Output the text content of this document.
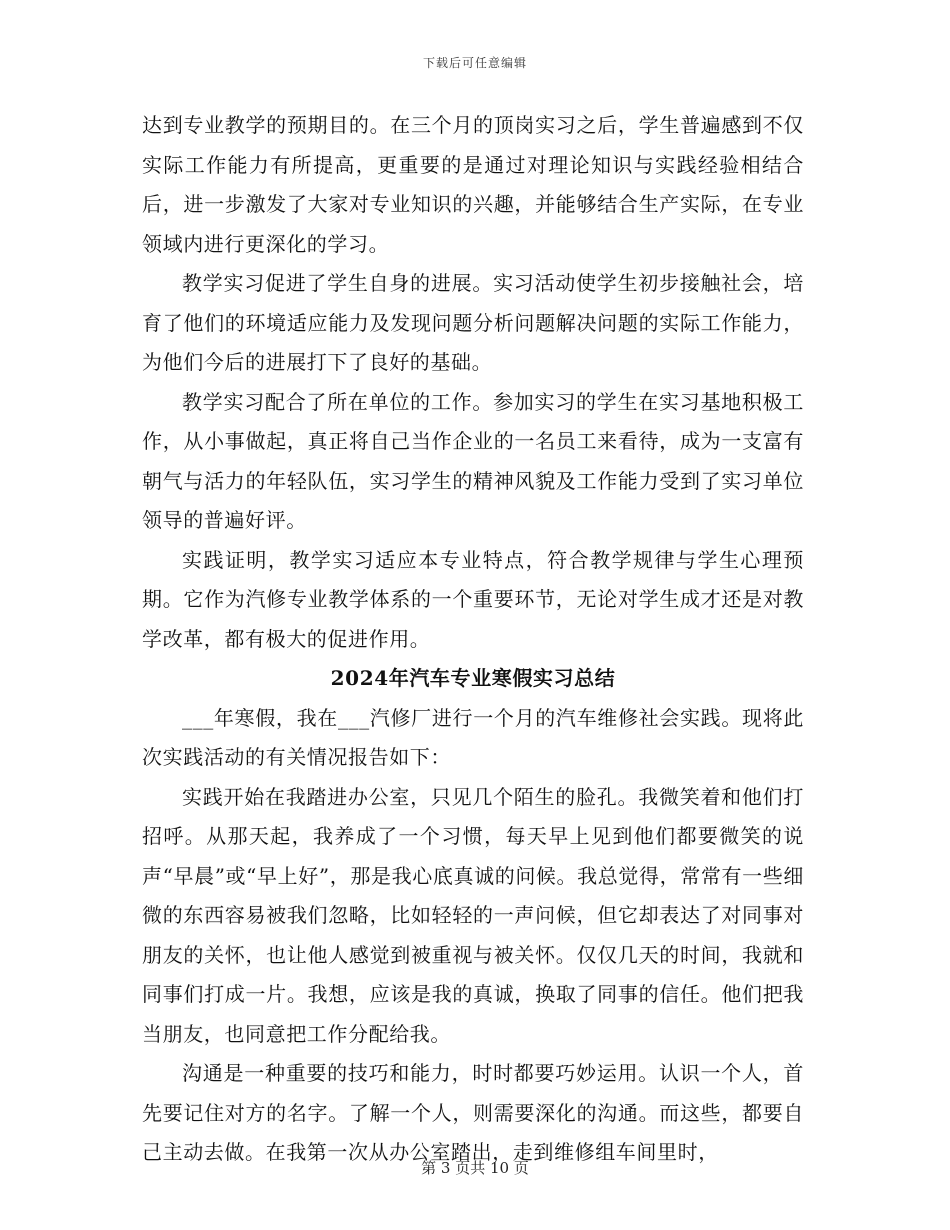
下载后可任意编辑

达到专业教学的预期目的。在三个月的顶岗实习之后，学生普遍感到不仅实际工作能力有所提高，更重要的是通过对理论知识与实践经验相结合后，进一步激发了大家对专业知识的兴趣，并能够结合生产实际，在专业领域内进行更深化的学习。

教学实习促进了学生自身的进展。实习活动使学生初步接触社会，培育了他们的环境适应能力及发现问题分析问题解决问题的实际工作能力，为他们今后的进展打下了良好的基础。

教学实习配合了所在单位的工作。参加实习的学生在实习基地积极工作，从小事做起，真正将自己当作企业的一名员工来看待，成为一支富有朝气与活力的年轻队伍，实习学生的精神风貌及工作能力受到了实习单位领导的普遍好评。

实践证明，教学实习适应本专业特点，符合教学规律与学生心理预期。它作为汽修专业教学体系的一个重要环节，无论对学生成才还是对教学改革，都有极大的促进作用。

2024年汽车专业寒假实习总结

___年寒假，我在___汽修厂进行一个月的汽车维修社会实践。现将此次实践活动的有关情况报告如下：

实践开始在我踏进办公室，只见几个陌生的脸孔。我微笑着和他们打招呼。从那天起，我养成了一个习惯，每天早上见到他们都要微笑的说声“早晨”或“早上好”，那是我心底真诚的问候。我总觉得，常常有一些细微的东西容易被我们忽略，比如轻轻的一声问候，但它却表达了对同事对朋友的关怀，也让他人感觉到被重视与被关怀。仅仅几天的时间，我就和同事们打成一片。我想，应该是我的真诚，换取了同事的信任。他们把我当朋友，也同意把工作分配给我。

沟通是一种重要的技巧和能力，时时都要巧妙运用。认识一个人，首先要记住对方的名字。了解一个人，则需要深化的沟通。而这些，都要自己主动去做。在我第一次从办公室踏出，走到维修组车间里时，

第 3 页共 10 页
